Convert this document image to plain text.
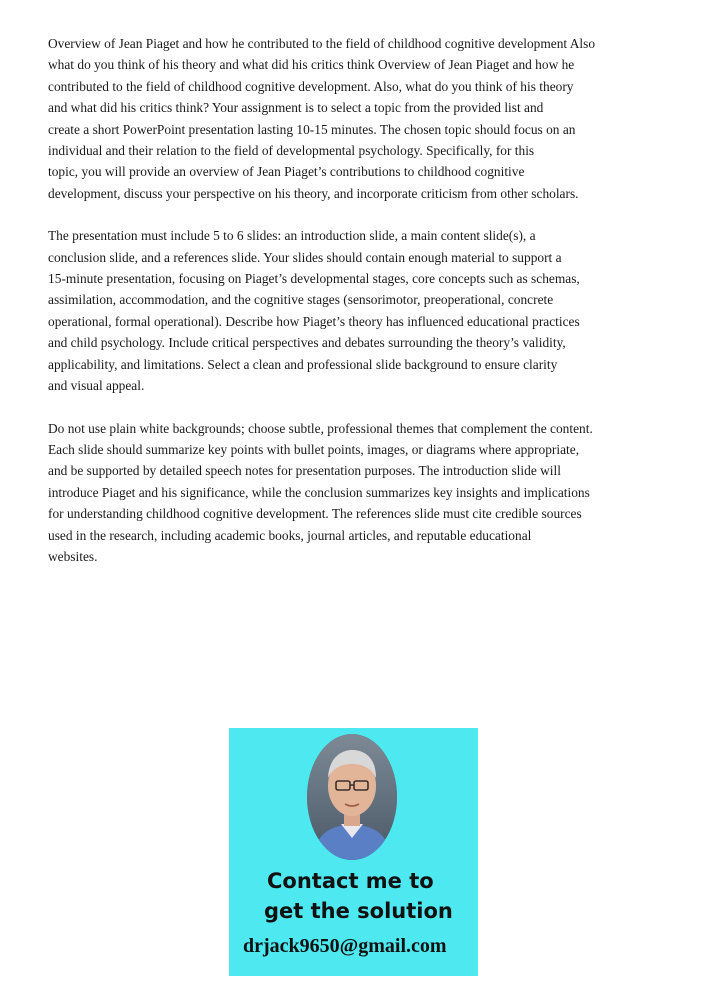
Overview of Jean Piaget and how he contributed to the field of childhood cognitive development Also
what do you think of his theory and what did his critics think Overview of Jean Piaget and how he
contributed to the field of childhood cognitive development. Also, what do you think of his theory
and what did his critics think? Your assignment is to select a topic from the provided list and
create a short PowerPoint presentation lasting 10-15 minutes. The chosen topic should focus on an
individual and their relation to the field of developmental psychology. Specifically, for this
topic, you will provide an overview of Jean Piaget’s contributions to childhood cognitive
development, discuss your perspective on his theory, and incorporate criticism from other scholars.
The presentation must include 5 to 6 slides: an introduction slide, a main content slide(s), a
conclusion slide, and a references slide. Your slides should contain enough material to support a
15-minute presentation, focusing on Piaget’s developmental stages, core concepts such as schemas,
assimilation, accommodation, and the cognitive stages (sensorimotor, preoperational, concrete
operational, formal operational). Describe how Piaget’s theory has influenced educational practices
and child psychology. Include critical perspectives and debates surrounding the theory’s validity,
applicability, and limitations. Select a clean and professional slide background to ensure clarity
and visual appeal.
Do not use plain white backgrounds; choose subtle, professional themes that complement the content.
Each slide should summarize key points with bullet points, images, or diagrams where appropriate,
and be supported by detailed speech notes for presentation purposes. The introduction slide will
introduce Piaget and his significance, while the conclusion summarizes key insights and implications
for understanding childhood cognitive development. The references slide must cite credible sources
used in the research, including academic books, journal articles, and reputable educational
websites.
Contact me to
get the solution
drjack9650@gmail.com
